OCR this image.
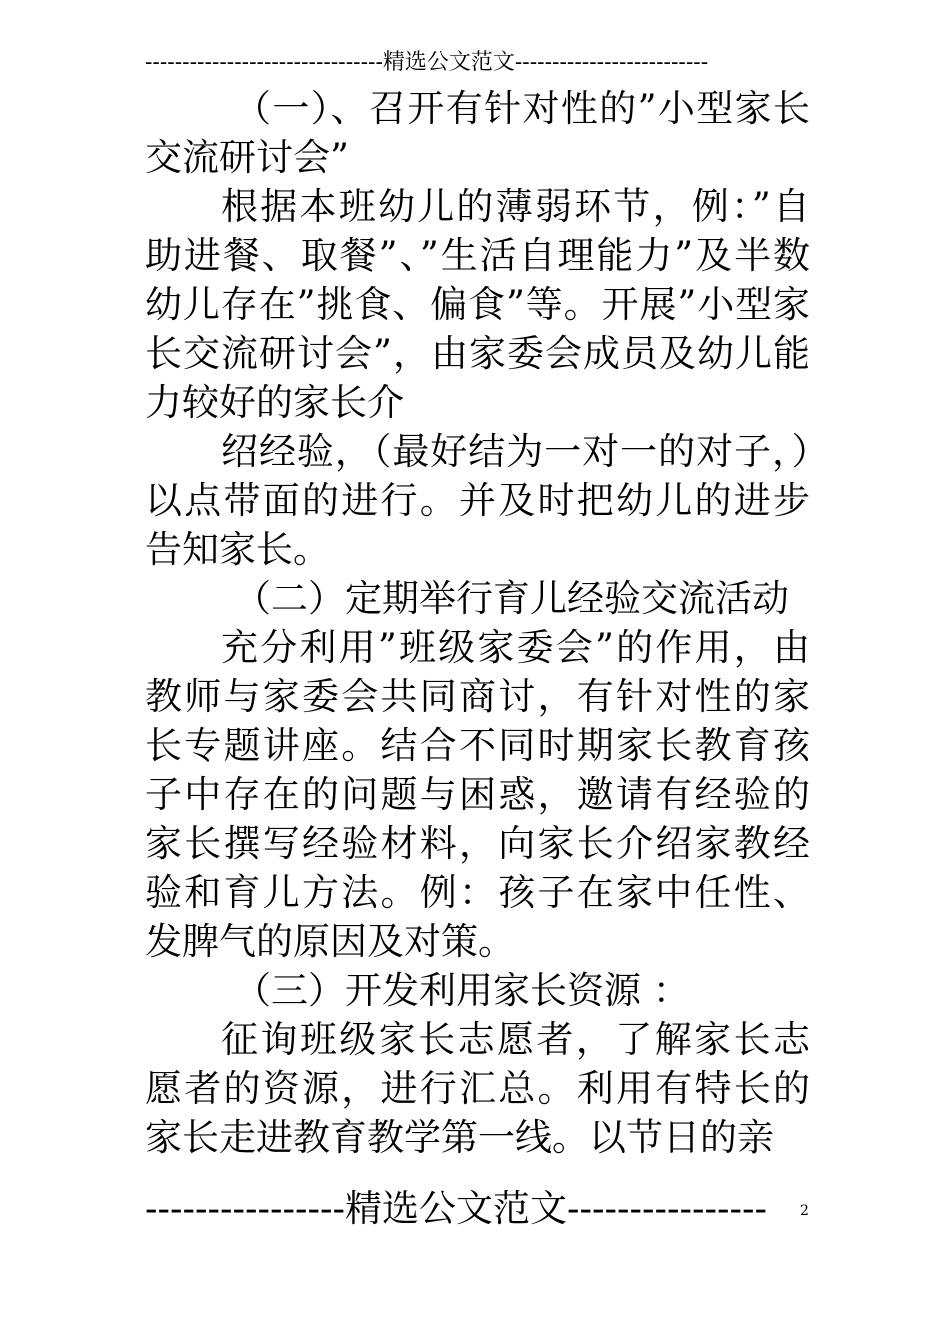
--------------------------------精选公文范文--------------------------

（一）、召开有针对性的”小型家长交流研讨会”

根据本班幼儿的薄弱环节，例：”自助进餐、取餐”、”生活自理能力”及半数幼儿存在”挑食、偏食”等。开展”小型家长交流研讨会”，由家委会成员及幼儿能力较好的家长介

绍经验，（最好结为一对一的对子，）以点带面的进行。并及时把幼儿的进步告知家长。

（二）定期举行育儿经验交流活动

充分利用”班级家委会”的作用，由教师与家委会共同商讨，有针对性的家长专题讲座。结合不同时期家长教育孩子中存在的问题与困惑，邀请有经验的家长撰写经验材料，向家长介绍家教经验和育儿方法。例：孩子在家中任性、发脾气的原因及对策。

（三）开发利用家长资源 ：

征询班级家长志愿者，了解家长志愿者的资源，进行汇总。利用有特长的家长走进教育教学第一线。以节日的亲

----------------精选公文范文----------------	2
